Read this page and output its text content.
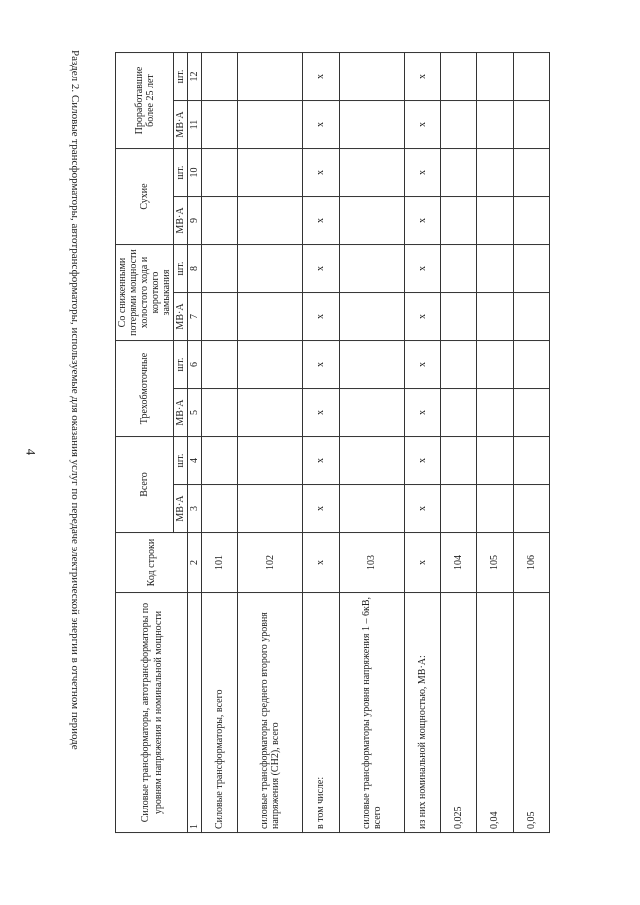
4	Раздел 2. Силовые трансформаторы, автотрансформаторы, используемые для оказания услуг по передаче электрической энергии в отчетном периоде	Силовые трансформаторы, автотрансформаторы по уровням напряжения и номинальной мощности	Код строки	Всего		Трехобмоточные		Со сниженными потерями мощности холостого хода и короткого замыкания		Сухие		Проработавшие более 25 лет	
		МВ·А	шт.	МВ·А	шт.	МВ·А	шт.	МВ·А	шт.	МВ·А	шт.
1	2	3	4	5	6	7	8	9	10	11	12
Силовые трансформаторы, всего	101										
силовые трансформаторы среднего второго уровня напряжения (СН2), всего	102										
в том числе:	x	x	x	x	x	x	x	x	x	x	x
силовые трансформаторы уровня напряжения 1 – 6кВ, всего	103										
из них номинальной мощностью, МВ·А:	x	x	x	x	x	x	x	x	x	x	x
0,025	104										
0,04	105										
0,05	106										
